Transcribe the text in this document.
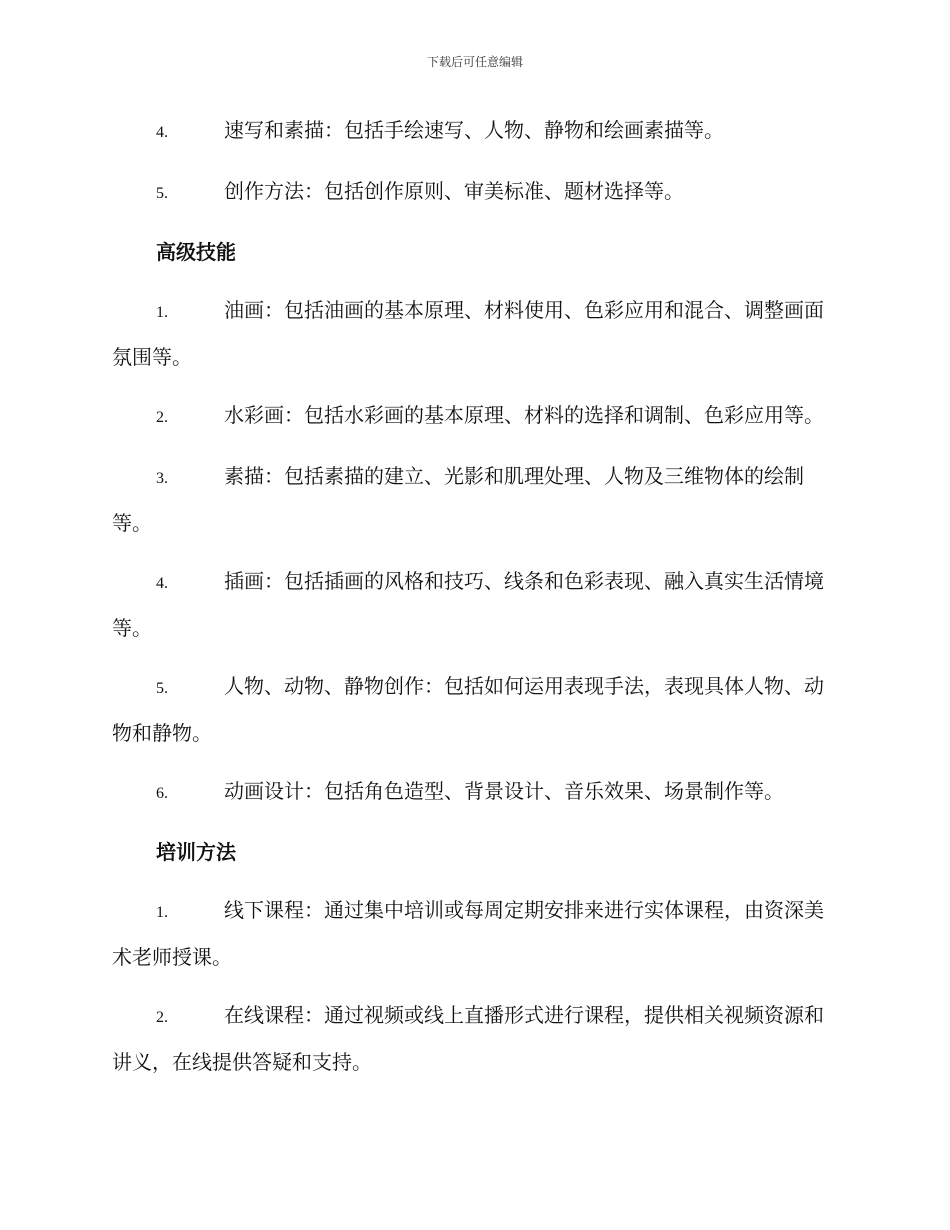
下载后可任意编辑

4.	速写和素描：包括手绘速写、人物、静物和绘画素描等。

5.	创作方法：包括创作原则、审美标准、题材选择等。

高级技能

1.	油画：包括油画的基本原理、材料使用、色彩应用和混合、调整画面氛围等。

2.	水彩画：包括水彩画的基本原理、材料的选择和调制、色彩应用等。

3.	素描：包括素描的建立、光影和肌理处理、人物及三维物体的绘制等。

4.	插画：包括插画的风格和技巧、线条和色彩表现、融入真实生活情境等。

5.	人物、动物、静物创作：包括如何运用表现手法，表现具体人物、动物和静物。

6.	动画设计：包括角色造型、背景设计、音乐效果、场景制作等。

培训方法

1.	线下课程：通过集中培训或每周定期安排来进行实体课程，由资深美术老师授课。

2.	在线课程：通过视频或线上直播形式进行课程，提供相关视频资源和讲义，在线提供答疑和支持。
